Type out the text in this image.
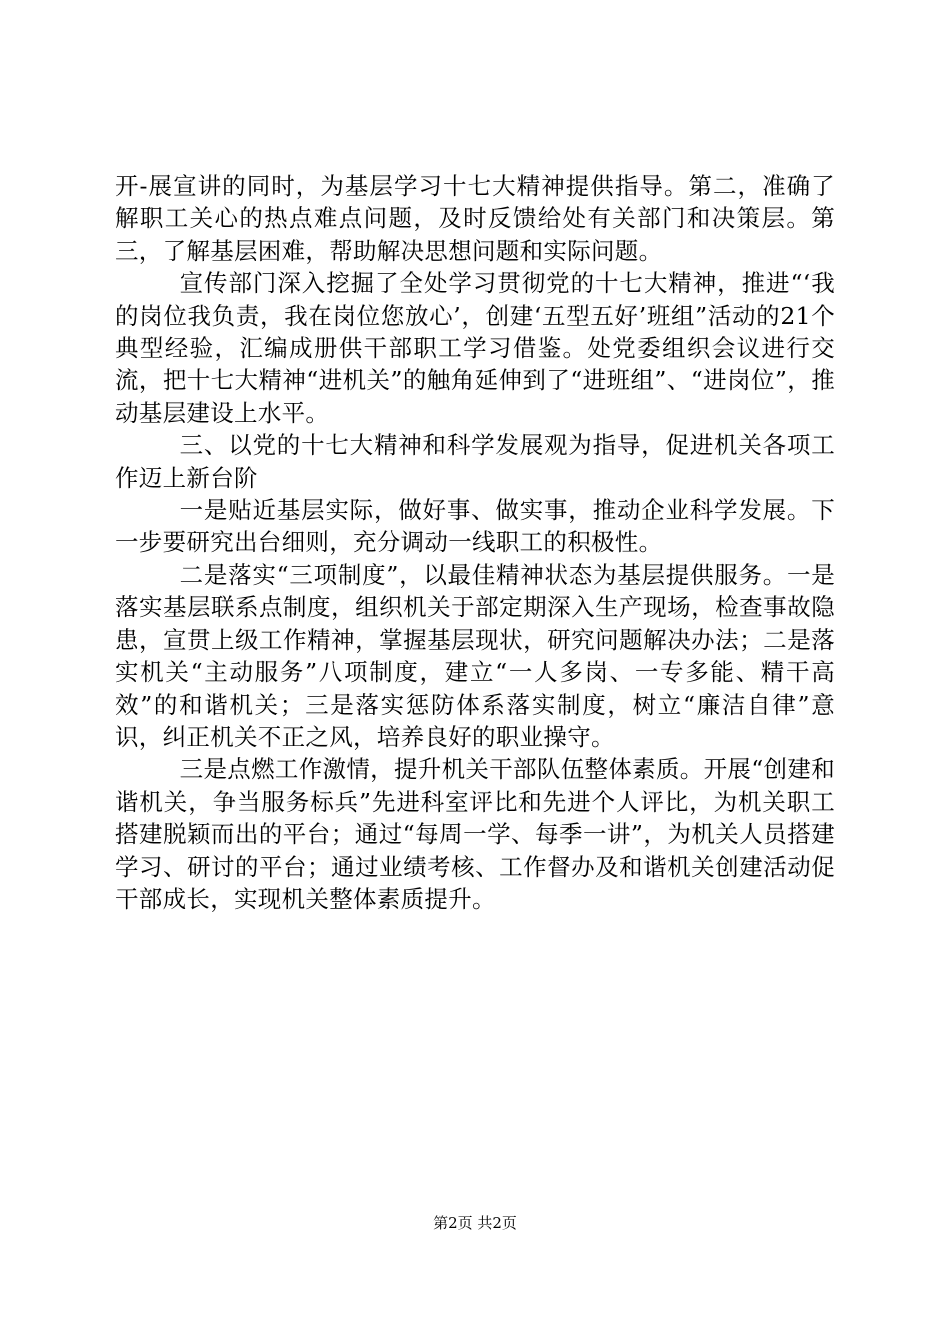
开-展宣讲的同时，为基层学习十七大精神提供指导。第二，准确了解职工关心的热点难点问题，及时反馈给处有关部门和决策层。第三，了解基层困难，帮助解决思想问题和实际问题。

宣传部门深入挖掘了全处学习贯彻党的十七大精神，推进“‘我的岗位我负责，我在岗位您放心’，创建‘五型五好’班组”活动的21个典型经验，汇编成册供干部职工学习借鉴。处党委组织会议进行交流，把十七大精神“进机关”的触角延伸到了“进班组”、“进岗位”，推动基层建设上水平。

三、以党的十七大精神和科学发展观为指导，促进机关各项工作迈上新台阶

一是贴近基层实际，做好事、做实事，推动企业科学发展。下一步要研究出台细则，充分调动一线职工的积极性。

二是落实“三项制度”，以最佳精神状态为基层提供服务。一是落实基层联系点制度，组织机关于部定期深入生产现场，检查事故隐患，宣贯上级工作精神，掌握基层现状，研究问题解决办法；二是落实机关“主动服务”八项制度，建立“一人多岗、一专多能、精干高效”的和谐机关；三是落实惩防体系落实制度，树立“廉洁自律”意识，纠正机关不正之风，培养良好的职业操守。

三是点燃工作激情，提升机关干部队伍整体素质。开展“创建和谐机关，争当服务标兵”先进科室评比和先进个人评比，为机关职工搭建脱颖而出的平台；通过“每周一学、每季一讲”，为机关人员搭建学习、研讨的平台；通过业绩考核、工作督办及和谐机关创建活动促干部成长，实现机关整体素质提升。

第2页 共2页
